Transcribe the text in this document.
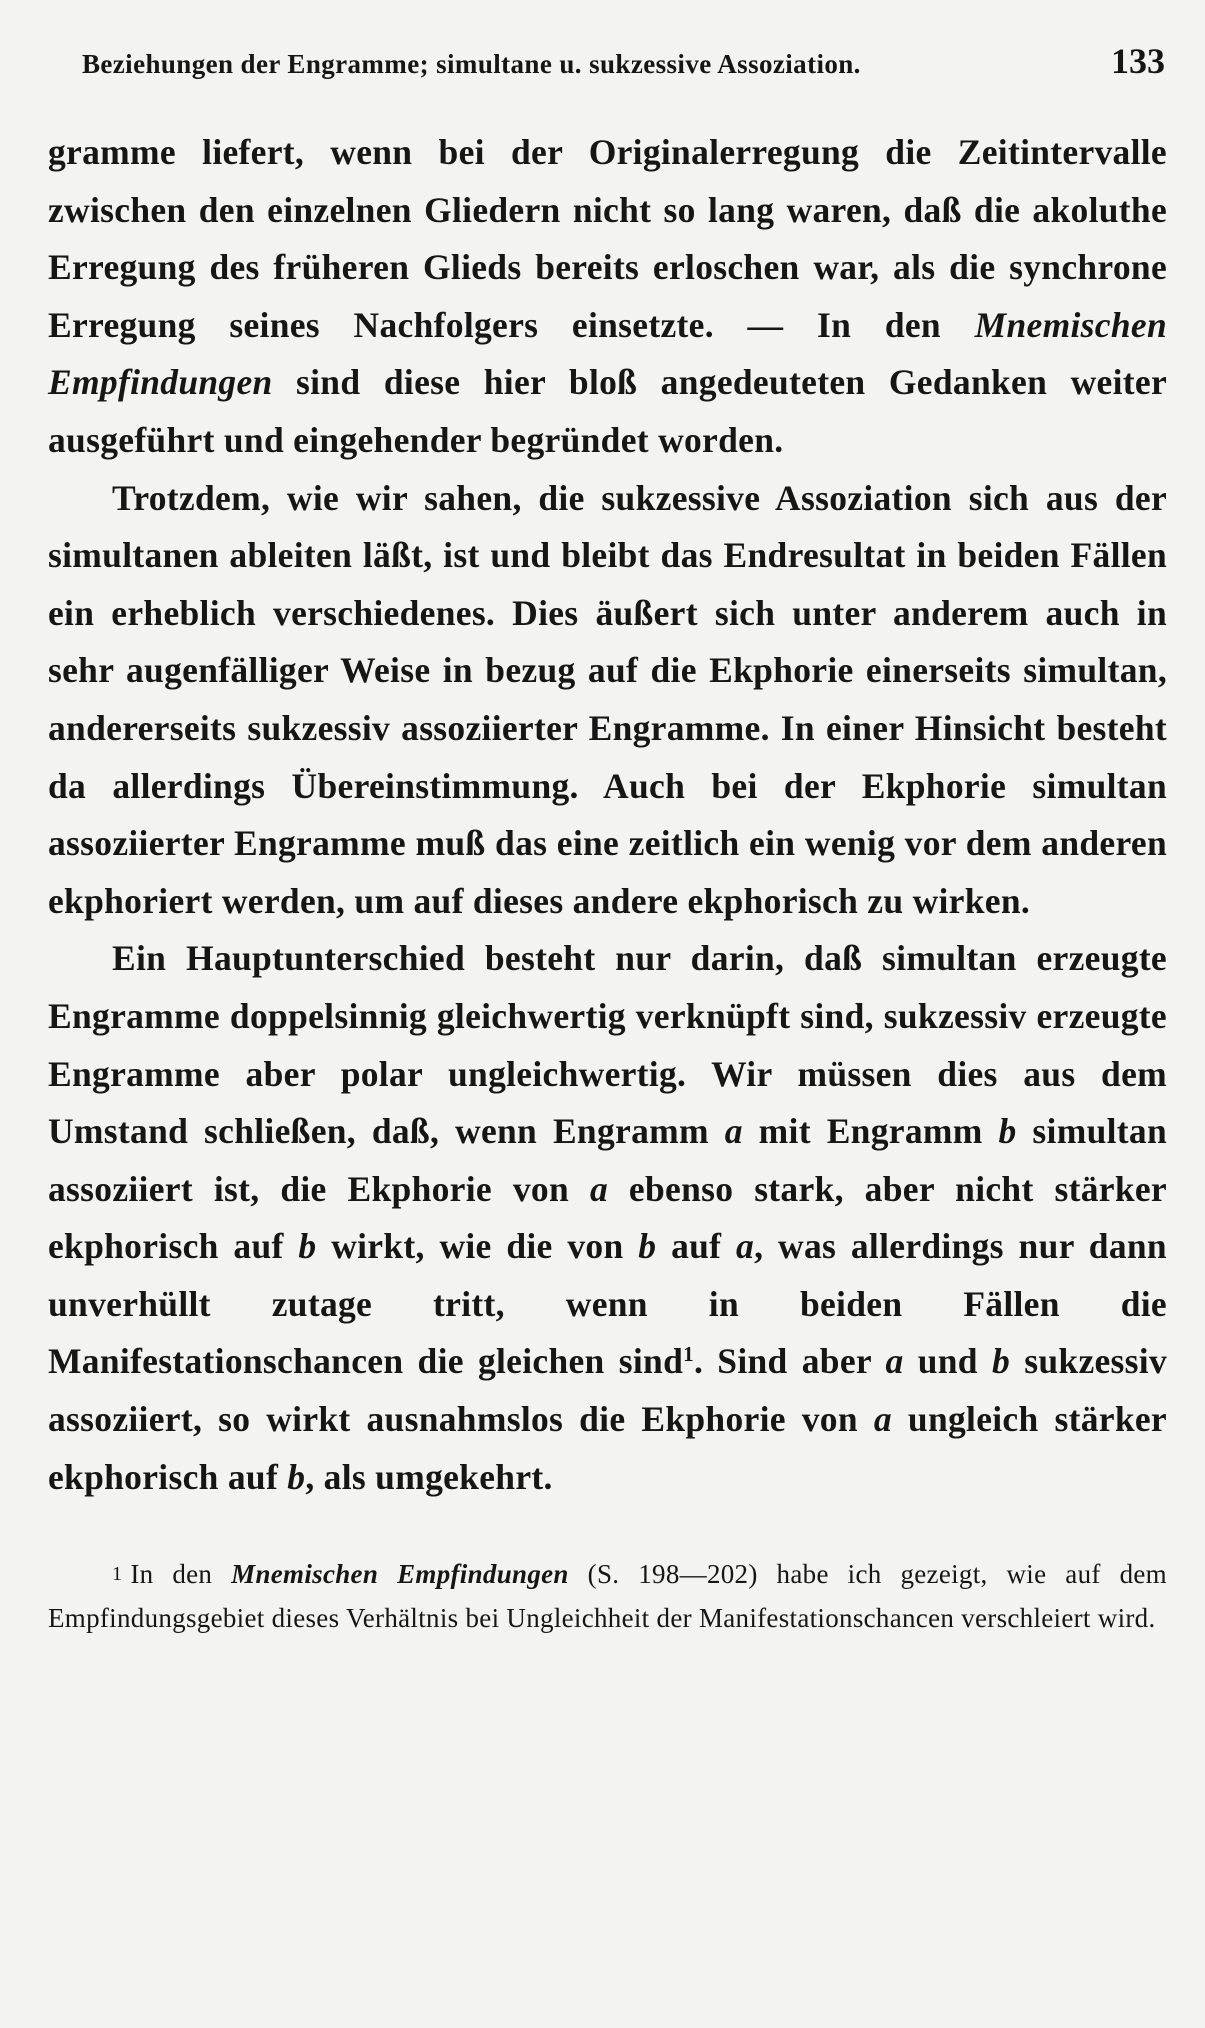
Beziehungen der Engramme; simultane u. sukzessive Assoziation.	133

gramme liefert, wenn bei der Originalerregung die Zeitintervalle zwischen den einzelnen Gliedern nicht so lang waren, daß die akoluthe Erregung des früheren Glieds bereits erloschen war, als die synchrone Erregung seines Nachfolgers einsetzte. — In den Mnemischen Empfindungen sind diese hier bloß angedeuteten Gedanken weiter ausgeführt und eingehender begründet worden.

Trotzdem, wie wir sahen, die sukzessive Assoziation sich aus der simultanen ableiten läßt, ist und bleibt das Endresultat in beiden Fällen ein erheblich verschiedenes. Dies äußert sich unter anderem auch in sehr augenfälliger Weise in bezug auf die Ekphorie einerseits simultan, andererseits sukzessiv assoziierter Engramme. In einer Hinsicht besteht da allerdings Übereinstimmung. Auch bei der Ekphorie simultan assoziierter Engramme muß das eine zeitlich ein wenig vor dem anderen ekphoriert werden, um auf dieses andere ekphorisch zu wirken.

Ein Hauptunterschied besteht nur darin, daß simultan erzeugte Engramme doppelsinnig gleichwertig verknüpft sind, sukzessiv erzeugte Engramme aber polar ungleichwertig. Wir müssen dies aus dem Umstand schließen, daß, wenn Engramm a mit Engramm b simultan assoziiert ist, die Ekphorie von a ebenso stark, aber nicht stärker ekphorisch auf b wirkt, wie die von b auf a, was allerdings nur dann unverhüllt zutage tritt, wenn in beiden Fällen die Manifestationschancen die gleichen sind$^1$. Sind aber a und b sukzessiv assoziiert, so wirkt ausnahmslos die Ekphorie von a ungleich stärker ekphorisch auf b, als umgekehrt.

1 In den Mnemischen Empfindungen (S. 198—202) habe ich gezeigt, wie auf dem Empfindungsgebiet dieses Verhältnis bei Ungleichheit der Manifestationschancen verschleiert wird.
